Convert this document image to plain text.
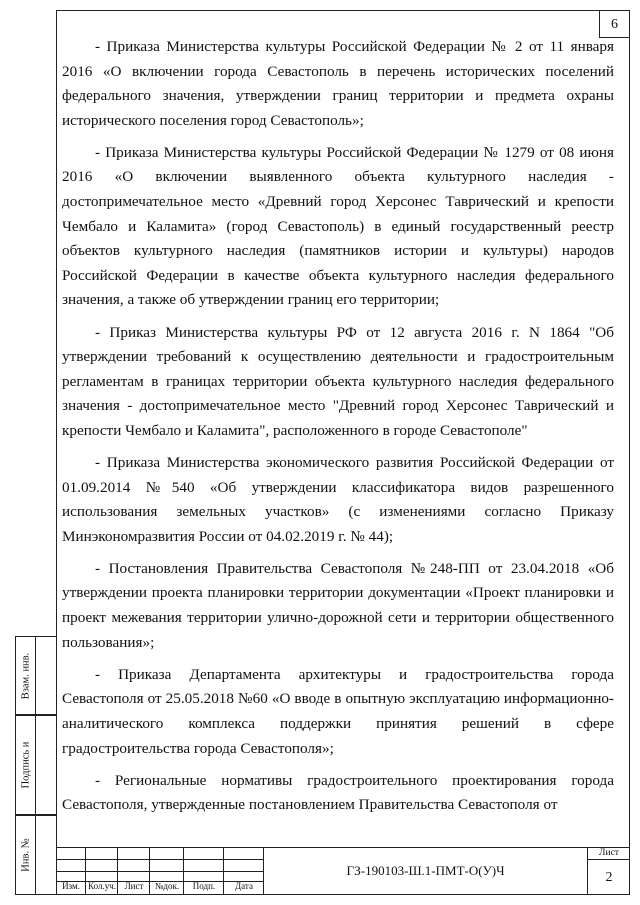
6

- Приказа Министерства культуры Российской Федерации № 2 от 11 января 2016 «О включении города Севастополь в перечень исторических поселений федерального значения, утверждении границ территории и предмета охраны исторического поселения город Севастополь»;

- Приказа Министерства культуры Российской Федерации № 1279 от 08 июня 2016 «О включении выявленного объекта культурного наследия - достопримечательное место «Древний город Херсонес Таврический и крепости Чембало и Каламита» (город Севастополь) в единый государственный реестр объектов культурного наследия (памятников истории и культуры) народов Российской Федерации в качестве объекта культурного наследия федерального значения, а также об утверждении границ его территории;

- Приказ Министерства культуры РФ от 12 августа 2016 г. N 1864 "Об утверждении требований к осуществлению деятельности и градостроительным регламентам в границах территории объекта культурного наследия федерального значения - достопримечательное место "Древний город Херсонес Таврический и крепости Чембало и Каламита", расположенного в городе Севастополе"

- Приказа Министерства экономического развития Российской Федерации от 01.09.2014 №540 «Об утверждении классификатора видов разрешенного использования земельных участков» (с изменениями согласно Приказу Минэкономразвития России от 04.02.2019 г. № 44);

- Постановления Правительства Севастополя №248-ПП от 23.04.2018 «Об утверждении проекта планировки территории документации «Проект планировки и проект межевания территории улично-дорожной сети и территории общественного пользования»;

- Приказа Департамента архитектуры и градостроительства города Севастополя от 25.05.2018 №60 «О вводе в опытную эксплуатацию информационно-аналитического комплекса поддержки принятия решений в сфере градостроительства города Севастополя»;

- Региональные нормативы градостроительного проектирования города Севастополя, утвержденные постановлением Правительства Севастополя от

Взам. инв.
Подпись и
Инв. №
Изм. Кол.уч. Лист	№док.	Подп.	Дата
ГЗ-190103-Ш.1-ПМТ-О(У)Ч
Лист
2
